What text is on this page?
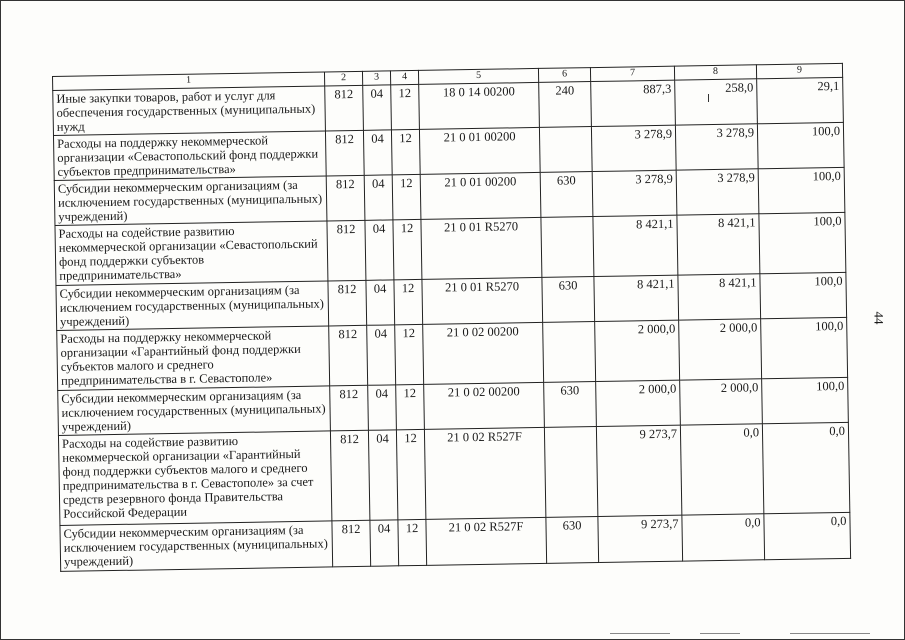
1	2	3	4	5	6	7	8	9
Иные закупки товаров, работ и услуг для обеспечения государственных (муниципальных) нужд	812	04	12	18 0 14 00200	240	887,3	258,0	29,1
Расходы на поддержку некоммерческой организации «Севастопольский фонд поддержки субъектов предпринимательства»	812	04	12	21 0 01 00200		3 278,9	3 278,9	100,0
Субсидии некоммерческим организациям (за исключением государственных (муниципальных) учреждений)	812	04	12	21 0 01 00200	630	3 278,9	3 278,9	100,0
Расходы на содействие развитию некоммерческой организации «Севастопольский фонд поддержки субъектов предпринимательства»	812	04	12	21 0 01 R5270		8 421,1	8 421,1	100,0
Субсидии некоммерческим организациям (за исключением государственных (муниципальных) учреждений)	812	04	12	21 0 01 R5270	630	8 421,1	8 421,1	100,0
Расходы на поддержку некоммерческой организации «Гарантийный фонд поддержки субъектов малого и среднего предпринимательства в г. Севастополе»	812	04	12	21 0 02 00200		2 000,0	2 000,0	100,0
Субсидии некоммерческим организациям (за исключением государственных (муниципальных) учреждений)	812	04	12	21 0 02 00200	630	2 000,0	2 000,0	100,0
Расходы на содействие развитию некоммерческой организации «Гарантийный фонд поддержки субъектов малого и среднего предпринимательства в г. Севастополе» за счет средств резервного фонда Правительства Российской Федерации	812	04	12	21 0 02 R527F		9 273,7	0,0	0,0
Субсидии некоммерческим организациям (за исключением государственных (муниципальных) учреждений)	812	04	12	21 0 02 R527F	630	9 273,7	0,0	0,0
44
